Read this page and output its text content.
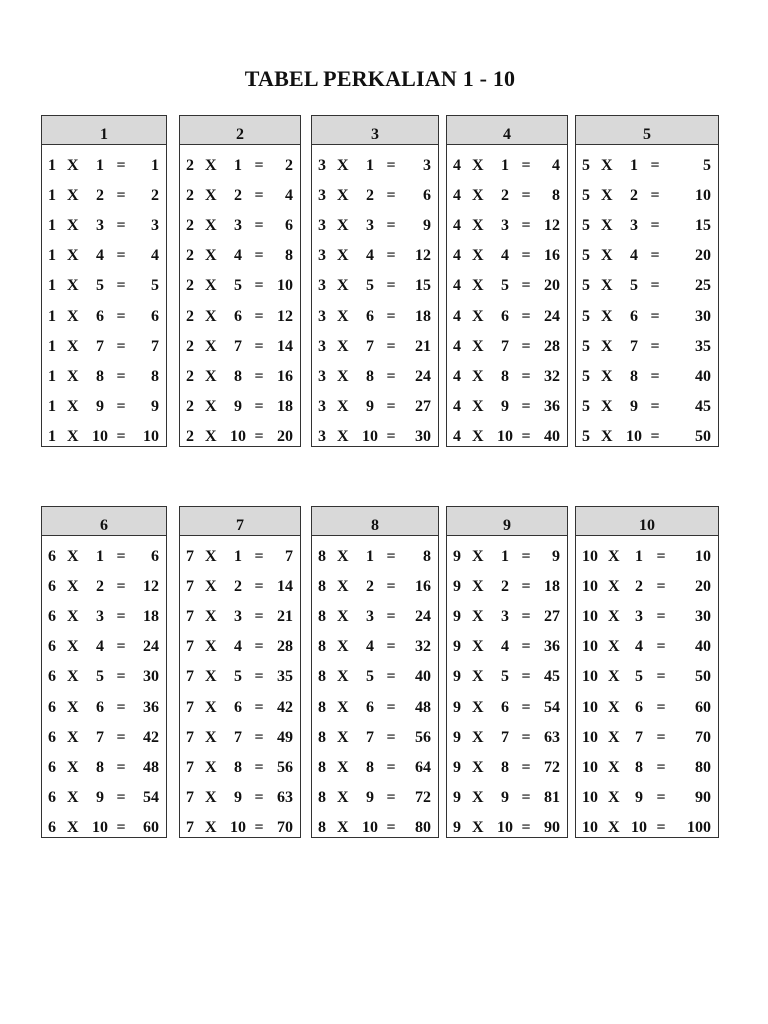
TABEL PERKALIAN 1 - 10
1
1 X	1 =	1
1 X	2 =	2
1 X	3 =	3
1 X	4 =	4
1 X	5 =	5
1 X	6 =	6
1 X	7 =	7
1 X	8 =	8
1 X	9 =	9
1 X 10 =	10
2
2 X	1 =	2
2 X	2 =	4
2 X	3 =	6
2 X	4 =	8
2 X	5 = 10
2 X	6 = 12
2 X	7 = 14
2 X	8 = 16
2 X	9 = 18
2 X 10 = 20
3
3 X	1 =	3
3 X	2 =	6
3 X	3 =	9
3 X	4 =	12
3 X	5 =	15
3 X	6 =	18
3 X	7 =	21
3 X	8 =	24
3 X	9 =	27
3 X 10 =	30
4
4 X	1 =	4
4 X	2 =	8
4 X	3 = 12
4 X	4 = 16
4 X	5 = 20
4 X	6 = 24
4 X	7 = 28
4 X	8 = 32
4 X	9 = 36
4 X 10 = 40
5
5 X	1 =	5
5 X	2 =	10
5 X	3 =	15
5 X	4 =	20
5 X	5 =	25
5 X	6 =	30
5 X	7 =	35
5 X	8 =	40
5 X	9 =	45
5 X 10 =	50
6
6 X	1 =	6
6 X	2 =	12
6 X	3 =	18
6 X	4 =	24
6 X	5 =	30
6 X	6 =	36
6 X	7 =	42
6 X	8 =	48
6 X	9 =	54
6 X 10 =	60
7
7 X	1 =	7
7 X	2 = 14
7 X	3 = 21
7 X	4 = 28
7 X	5 = 35
7 X	6 = 42
7 X	7 = 49
7 X	8 = 56
7 X	9 = 63
7 X 10 = 70
8
8 X	1 =	8
8 X	2 =	16
8 X	3 =	24
8 X	4 =	32
8 X	5 =	40
8 X	6 =	48
8 X	7 =	56
8 X	8 =	64
8 X	9 =	72
8 X 10 =	80
9
9 X	1 =	9
9 X	2 = 18
9 X	3 = 27
9 X	4 = 36
9 X	5 = 45
9 X	6 = 54
9 X	7 = 63
9 X	8 = 72
9 X	9 = 81
9 X 10 = 90
10
10 X 1 =	10
10 X 2 =	20
10 X 3 =	30
10 X 4 =	40
10 X 5 =	50
10 X 6 =	60
10 X 7 =	70
10 X 8 =	80
10 X 9 =	90
10 X 10 =	100
